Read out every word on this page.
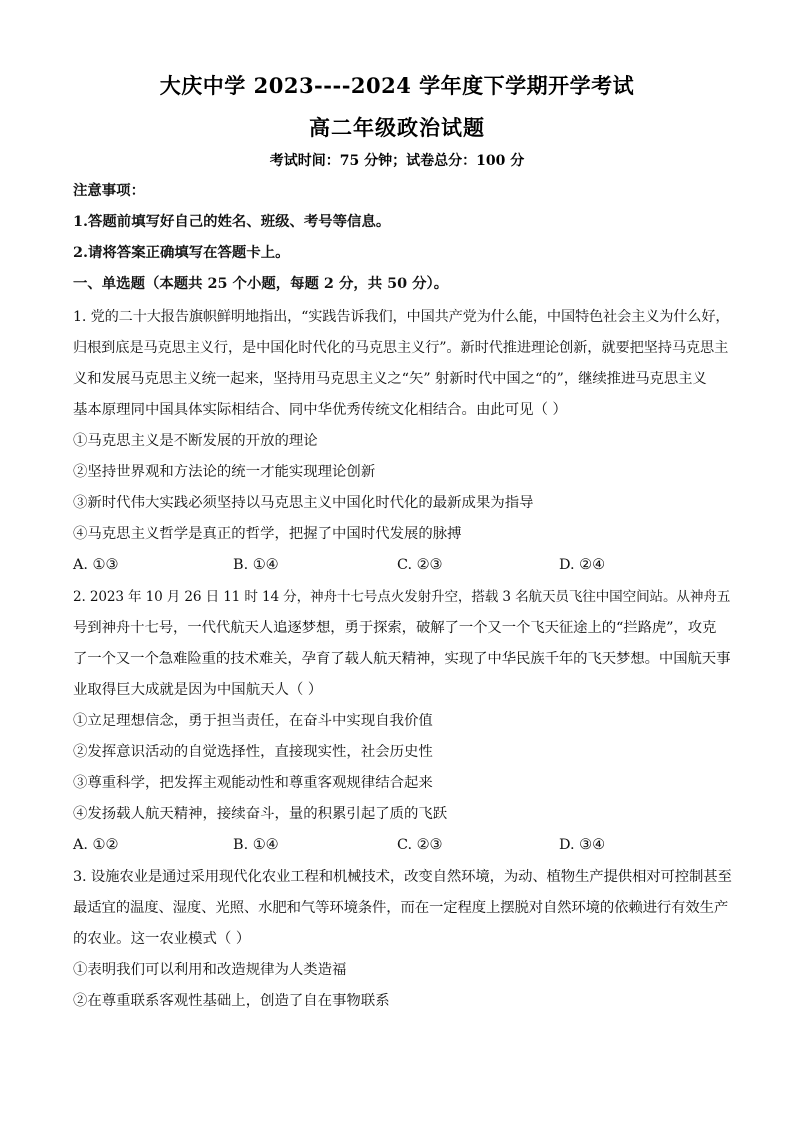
大庆中学 2023----2024 学年度下学期开学考试
高二年级政治试题
考试时间：75 分钟；试卷总分：100 分
注意事项：
1.答题前填写好自己的姓名、班级、考号等信息。
2.请将答案正确填写在答题卡上。
一、单选题（本题共 25 个小题，每题 2 分，共 50 分）。
1. 党的二十大报告旗帜鲜明地指出，“实践告诉我们，中国共产党为什么能，中国特色社会主义为什么好，
归根到底是马克思主义行，是中国化时代化的马克思主义行”。新时代推进理论创新，就要把坚持马克思主
义和发展马克思主义统一起来，坚持用马克思主义之“矢” 射新时代中国之“的”，继续推进马克思主义
基本原理同中国具体实际相结合、同中华优秀传统文化相结合。由此可见（ ）
①马克思主义是不断发展的开放的理论
②坚持世界观和方法论的统一才能实现理论创新
③新时代伟大实践必须坚持以马克思主义中国化时代化的最新成果为指导
④马克思主义哲学是真正的哲学，把握了中国时代发展的脉搏
A. ①③	B. ①④	C. ②③	D. ②④
2. 2023 年 10 月 26 日 11 时 14 分，神舟十七号点火发射升空，搭载 3 名航天员飞往中国空间站。从神舟五
号到神舟十七号，一代代航天人追逐梦想，勇于探索，破解了一个又一个飞天征途上的“拦路虎”，攻克
了一个又一个急难险重的技术难关，孕育了载人航天精神，实现了中华民族千年的飞天梦想。中国航天事
业取得巨大成就是因为中国航天人（ ）
①立足理想信念，勇于担当责任，在奋斗中实现自我价值
②发挥意识活动的自觉选择性，直接现实性，社会历史性
③尊重科学，把发挥主观能动性和尊重客观规律结合起来
④发扬载人航天精神，接续奋斗，量的积累引起了质的飞跃
A. ①②	B. ①④	C. ②③	D. ③④
3. 设施农业是通过采用现代化农业工程和机械技术，改变自然环境，为动、植物生产提供相对可控制甚至
最适宜的温度、湿度、光照、水肥和气等环境条件，而在一定程度上摆脱对自然环境的依赖进行有效生产
的农业。这一农业模式（ ）
①表明我们可以利用和改造规律为人类造福
②在尊重联系客观性基础上，创造了自在事物联系
